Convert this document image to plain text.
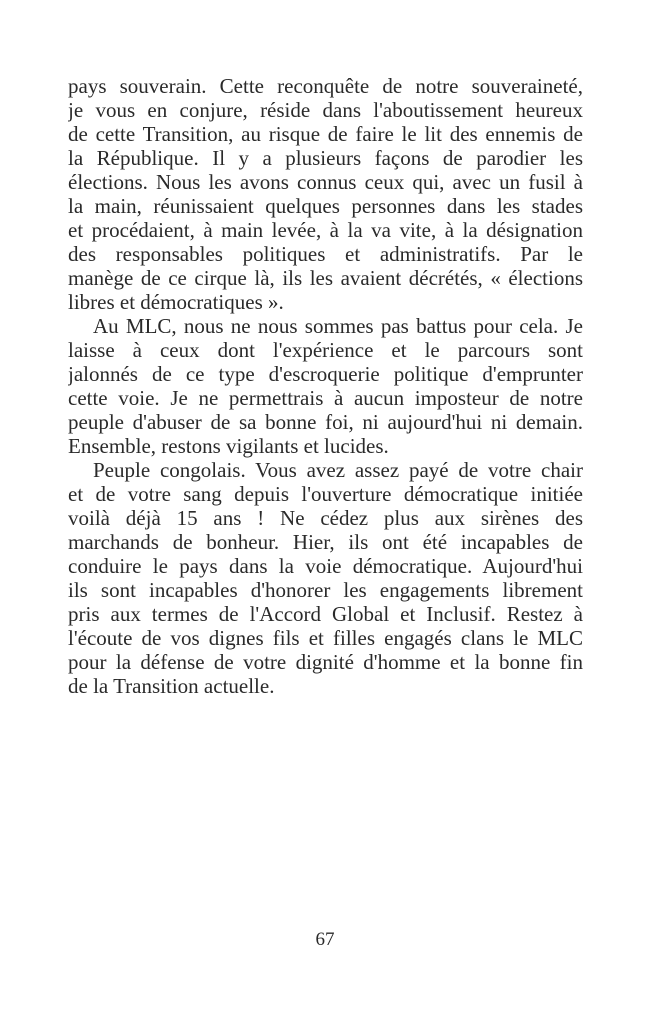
pays souverain. Cette reconquête de notre souveraineté,
je vous en conjure, réside dans l'aboutissement heureux
de cette Transition, au risque de faire le lit des ennemis de
la République. Il y a plusieurs façons de parodier les
élections. Nous les avons connus ceux qui, avec un fusil à
la main, réunissaient quelques personnes dans les stades
et procédaient, à main levée, à la va vite, à la désignation
des responsables politiques et administratifs. Par le
manège de ce cirque là, ils les avaient décrétés, « élections
libres et démocratiques ».
Au MLC, nous ne nous sommes pas battus pour cela. Je
laisse à ceux dont l'expérience et le parcours sont
jalonnés de ce type d'escroquerie politique d'emprunter
cette voie. Je ne permettrais à aucun imposteur de notre
peuple d'abuser de sa bonne foi, ni aujourd'hui ni demain.
Ensemble, restons vigilants et lucides.
Peuple congolais. Vous avez assez payé de votre chair
et de votre sang depuis l'ouverture démocratique initiée
voilà déjà 15 ans ! Ne cédez plus aux sirènes des
marchands de bonheur. Hier, ils ont été incapables de
conduire le pays dans la voie démocratique. Aujourd'hui
ils sont incapables d'honorer les engagements librement
pris aux termes de l'Accord Global et Inclusif. Restez à
l'écoute de vos dignes fils et filles engagés clans le MLC
pour la défense de votre dignité d'homme et la bonne fin
de la Transition actuelle.
67
